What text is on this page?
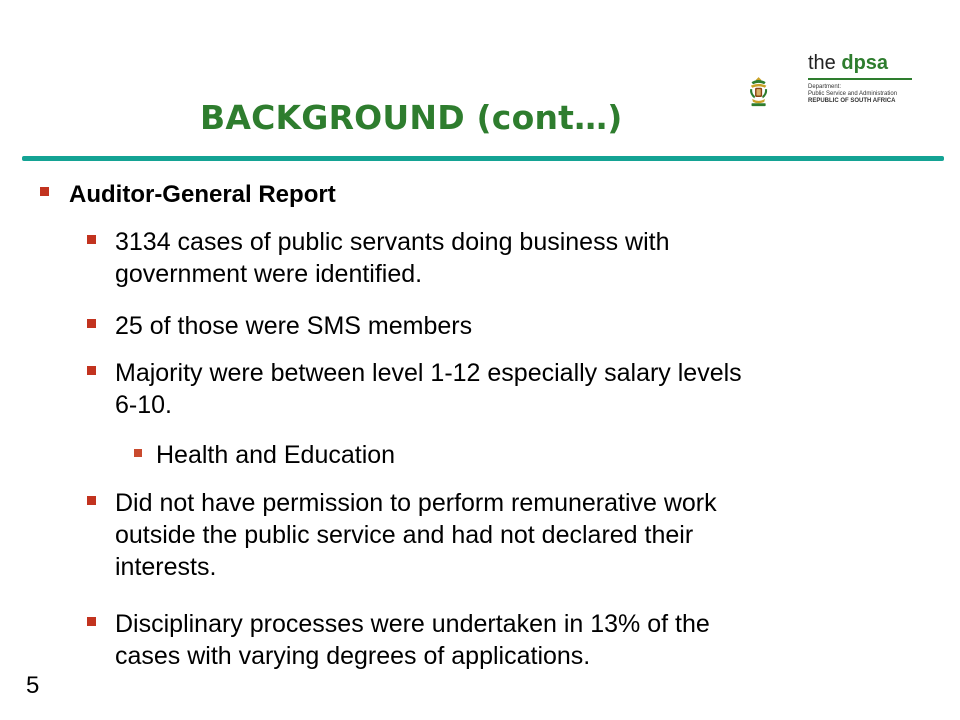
BACKGROUND (cont…)
the dpsa
Department:
Public Service and Administration
REPUBLIC OF SOUTH AFRICA
Auditor-General Report
3134 cases of public servants doing business with
government were identified.
25 of those were SMS members
Majority were between level 1-12 especially salary levels
6-10.
Health and Education
Did not have permission to perform remunerative work
outside the public service and had not declared their
interests.
Disciplinary processes were undertaken in 13% of the
cases with varying degrees of applications.
5
